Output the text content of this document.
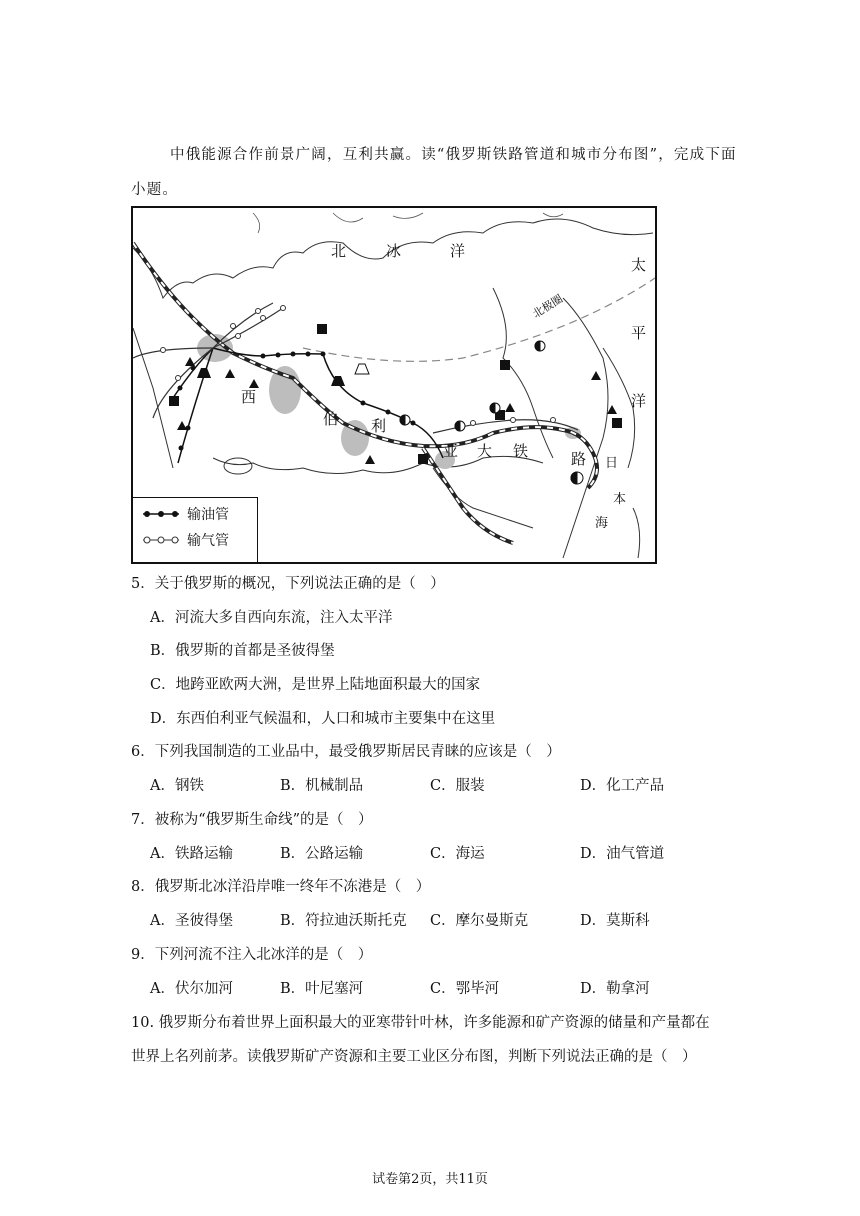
中俄能源合作前景广阔，互利共赢。读“俄罗斯铁路管道和城市分布图”，完成下面
小题。
北	冰	洋
太
平
洋
北极圈
西
伯 利
亚 大 铁	路 日
本
海
输油管
输气管
5．关于俄罗斯的概况，下列说法正确的是（　）
A．河流大多自西向东流，注入太平洋
B．俄罗斯的首都是圣彼得堡
C．地跨亚欧两大洲，是世界上陆地面积最大的国家
D．东西伯利亚气候温和，人口和城市主要集中在这里
6．下列我国制造的工业品中，最受俄罗斯居民青睐的应该是（　）
A．钢铁	B．机械制品	C．服装	D．化工产品
7．被称为“俄罗斯生命线”的是（　）
A．铁路运输	B．公路运输	C．海运	D．油气管道
8．俄罗斯北冰洋沿岸唯一终年不冻港是（　）
A．圣彼得堡	B．符拉迪沃斯托克 C．摩尔曼斯克	D．莫斯科
9．下列河流不注入北冰洋的是（　）
A．伏尔加河	B．叶尼塞河	C．鄂毕河	D．勒拿河
10. 俄罗斯分布着世界上面积最大的亚寒带针叶林，许多能源和矿产资源的储量和产量都在
世界上名列前茅。读俄罗斯矿产资源和主要工业区分布图，判断下列说法正确的是（　）
试卷第2页，共11页
